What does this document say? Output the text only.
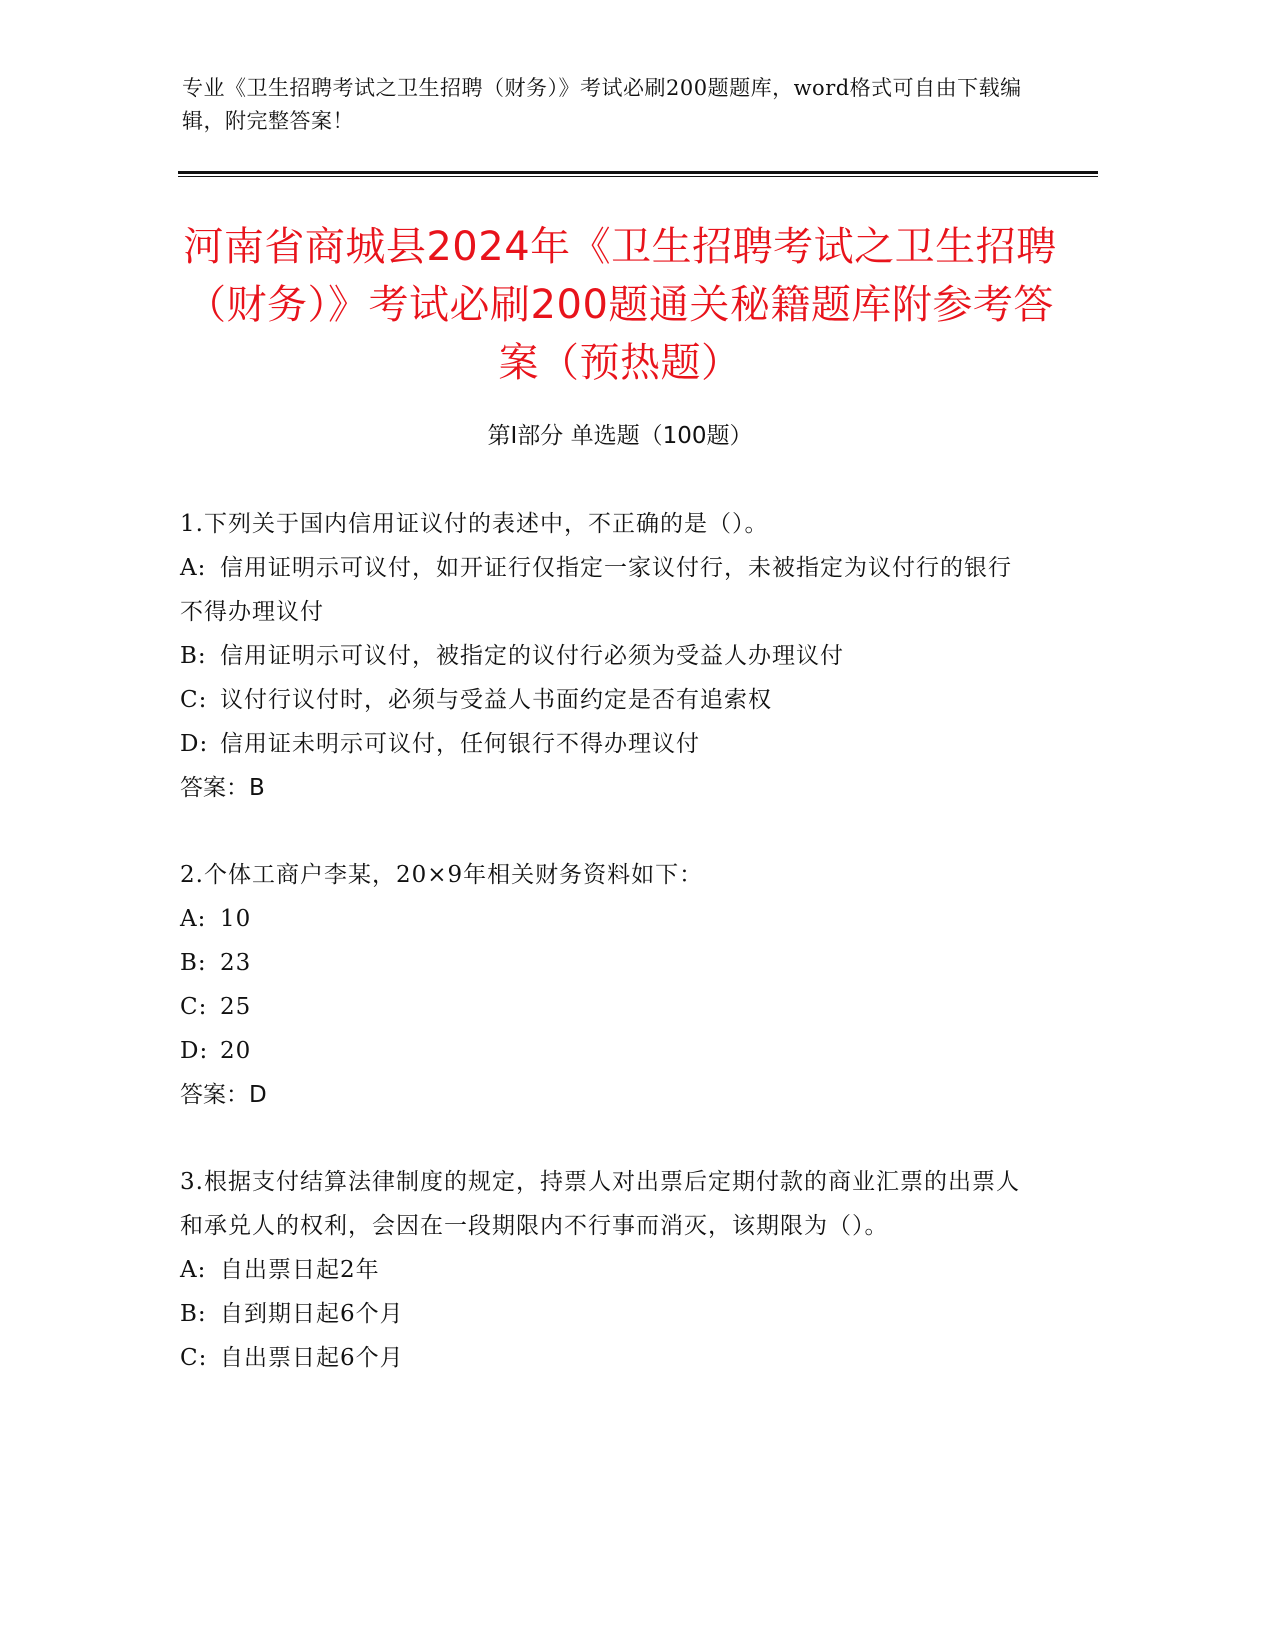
专业《卫生招聘考试之卫生招聘（财务）》考试必刷200题题库，word格式可自由下载编辑，附完整答案！
河南省商城县2024年《卫生招聘考试之卫生招聘（财务）》考试必刷200题通关秘籍题库附参考答案（预热题）
第Ⅰ部分 单选题（100题）
1.下列关于国内信用证议付的表述中，不正确的是（）。
A: 信用证明示可议付，如开证行仅指定一家议付行，未被指定为议付行的银行不得办理议付
B: 信用证明示可议付，被指定的议付行必须为受益人办理议付
C: 议付行议付时，必须与受益人书面约定是否有追索权
D: 信用证未明示可议付，任何银行不得办理议付
答案：B
2.个体工商户李某，20×9年相关财务资料如下：
A: 10
B: 23
C: 25
D: 20
答案：D
3.根据支付结算法律制度的规定，持票人对出票后定期付款的商业汇票的出票人和承兑人的权利，会因在一段期限内不行事而消灭，该期限为（）。
A: 自出票日起2年
B: 自到期日起6个月
C: 自出票日起6个月
